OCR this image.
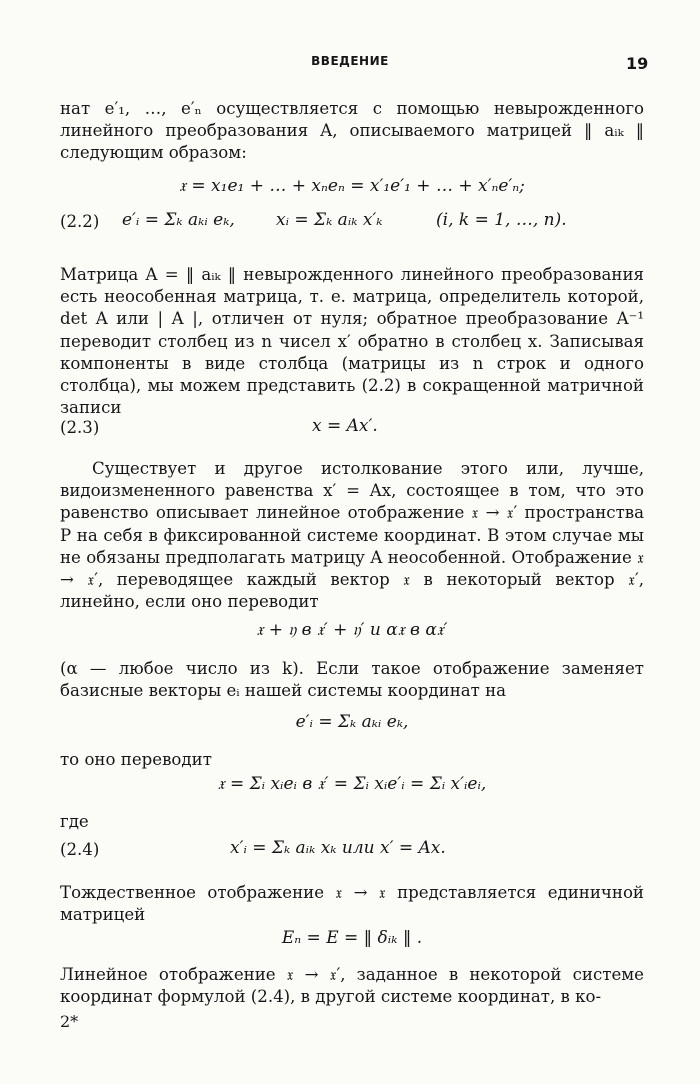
ВВЕДЕНИЕ	19

нат e′₁, …, e′ₙ осуществляется с помощью невырожденного линейного преобразования A, описываемого матрицей ‖ aᵢₖ ‖ следующим образом:

𝔵 = x₁e₁ + … + xₙeₙ = x′₁e′₁ + … + x′ₙe′ₙ;
(2.2) e′ᵢ = Σₖ aₖᵢ eₖ, xᵢ = Σₖ aᵢₖ x′ₖ	(i, k = 1, …, n).

Матрица A = ‖ aᵢₖ ‖ невырожденного линейного преобразования есть неособенная матрица, т. е. матрица, определитель которой, det A или | A |, отличен от нуля; обратное преобразование A⁻¹ переводит столбец из n чисел x′ обратно в столбец x. Записывая компоненты в виде столбца (матрицы из n строк и одного столбца), мы можем представить (2.2) в сокращенной матричной записи

(2.3)	x = Ax′.

Существует и другое истолкование этого или, лучше, видоизмененного равенства x′ = Ax, состоящее в том, что это равенство описывает линейное отображение 𝔵 → 𝔵′ пространства P на себя в фиксированной системе координат. В этом случае мы не обязаны предполагать матрицу A неособенной. Отображение 𝔵 → 𝔵′, переводящее каждый вектор 𝔵 в некоторый вектор 𝔵′, линейно, если оно переводит

𝔵 + 𝔶 в 𝔵′ + 𝔶′ и α𝔵 в α𝔵′

(α — любое число из k). Если такое отображение заменяет базисные векторы eᵢ нашей системы координат на

e′ᵢ = Σₖ aₖᵢ eₖ,
то оно переводит
𝔵 = Σᵢ xᵢeᵢ в 𝔵′ = Σᵢ xᵢe′ᵢ = Σᵢ x′ᵢeᵢ,
где
(2.4)	x′ᵢ = Σₖ aᵢₖ xₖ или x′ = Ax.

Тождественное отображение 𝔵 → 𝔵 представляется единичной матрицей

Eₙ = E = ‖ δᵢₖ ‖ .

Линейное отображение 𝔵 → 𝔵′, заданное в некоторой системе координат формулой (2.4), в другой системе координат, в ко-

2*
